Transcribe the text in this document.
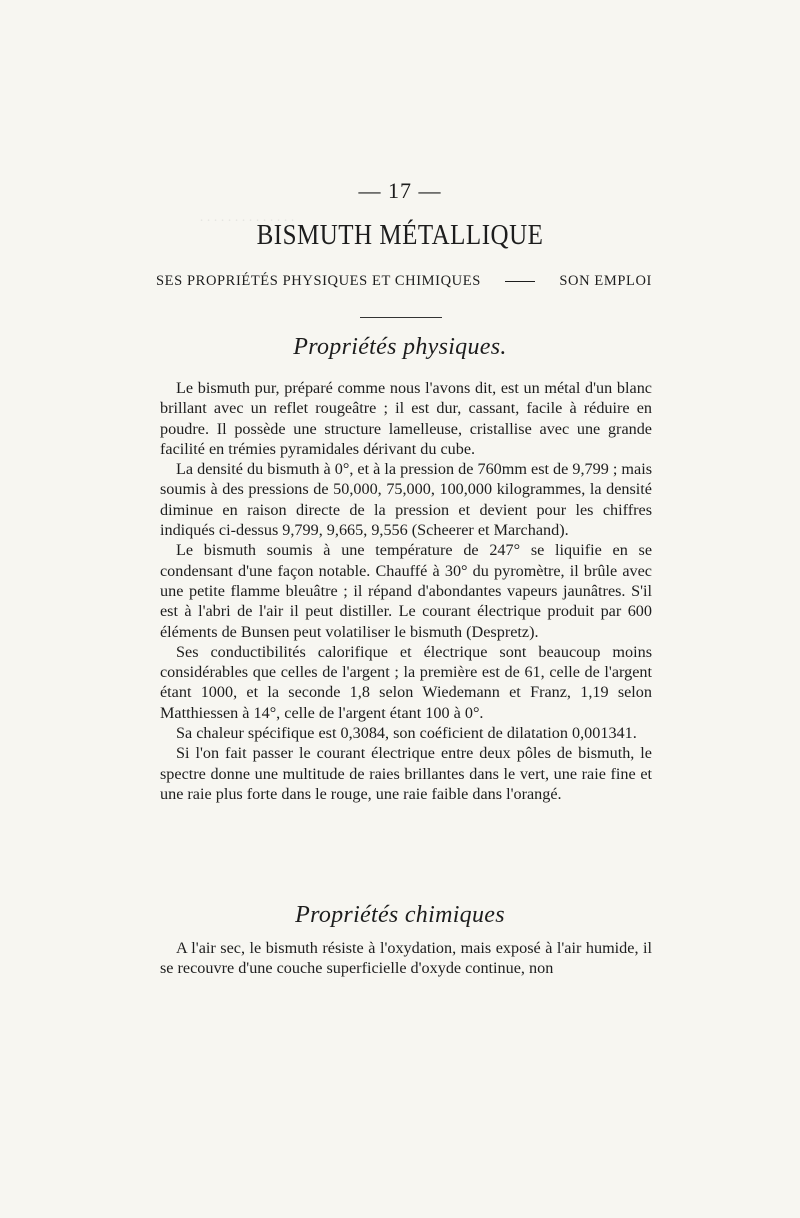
· · · · · · · · · · · · · ·
— 17 —
BISMUTH MÉTALLIQUE
SES PROPRIÉTÉS PHYSIQUES ET CHIMIQUES	SON EMPLOI
Propriétés physiques.

Le bismuth pur, préparé comme nous l'avons dit, est un métal d'un blanc brillant avec un reflet rougeâtre ; il est dur, cassant, facile à réduire en poudre. Il possède une structure lamelleuse, cristallise avec une grande facilité en trémies pyramidales dérivant du cube.

La densité du bismuth à 0°, et à la pression de 760mm est de 9,799 ; mais soumis à des pressions de 50,000, 75,000, 100,000 kilogrammes, la densité diminue en raison directe de la pression et devient pour les chiffres indiqués ci-dessus 9,799, 9,665, 9,556 (Scheerer et Marchand).

Le bismuth soumis à une température de 247° se liquifie en se condensant d'une façon notable. Chauffé à 30° du pyromètre, il brûle avec une petite flamme bleuâtre ; il répand d'abondantes vapeurs jaunâtres. S'il est à l'abri de l'air il peut distiller. Le courant électrique produit par 600 éléments de Bunsen peut volatiliser le bismuth (Despretz).

Ses conductibilités calorifique et électrique sont beaucoup moins considérables que celles de l'argent ; la première est de 61, celle de l'argent étant 1000, et la seconde 1,8 selon Wiedemann et Franz, 1,19 selon Matthiessen à 14°, celle de l'argent étant 100 à 0°.

Sa chaleur spécifique est 0,3084, son coéficient de dilatation 0,001341.

Si l'on fait passer le courant électrique entre deux pôles de bismuth, le spectre donne une multitude de raies brillantes dans le vert, une raie fine et une raie plus forte dans le rouge, une raie faible dans l'orangé.

Propriétés chimiques

A l'air sec, le bismuth résiste à l'oxydation, mais exposé à l'air humide, il se recouvre d'une couche superficielle d'oxyde continue, non
